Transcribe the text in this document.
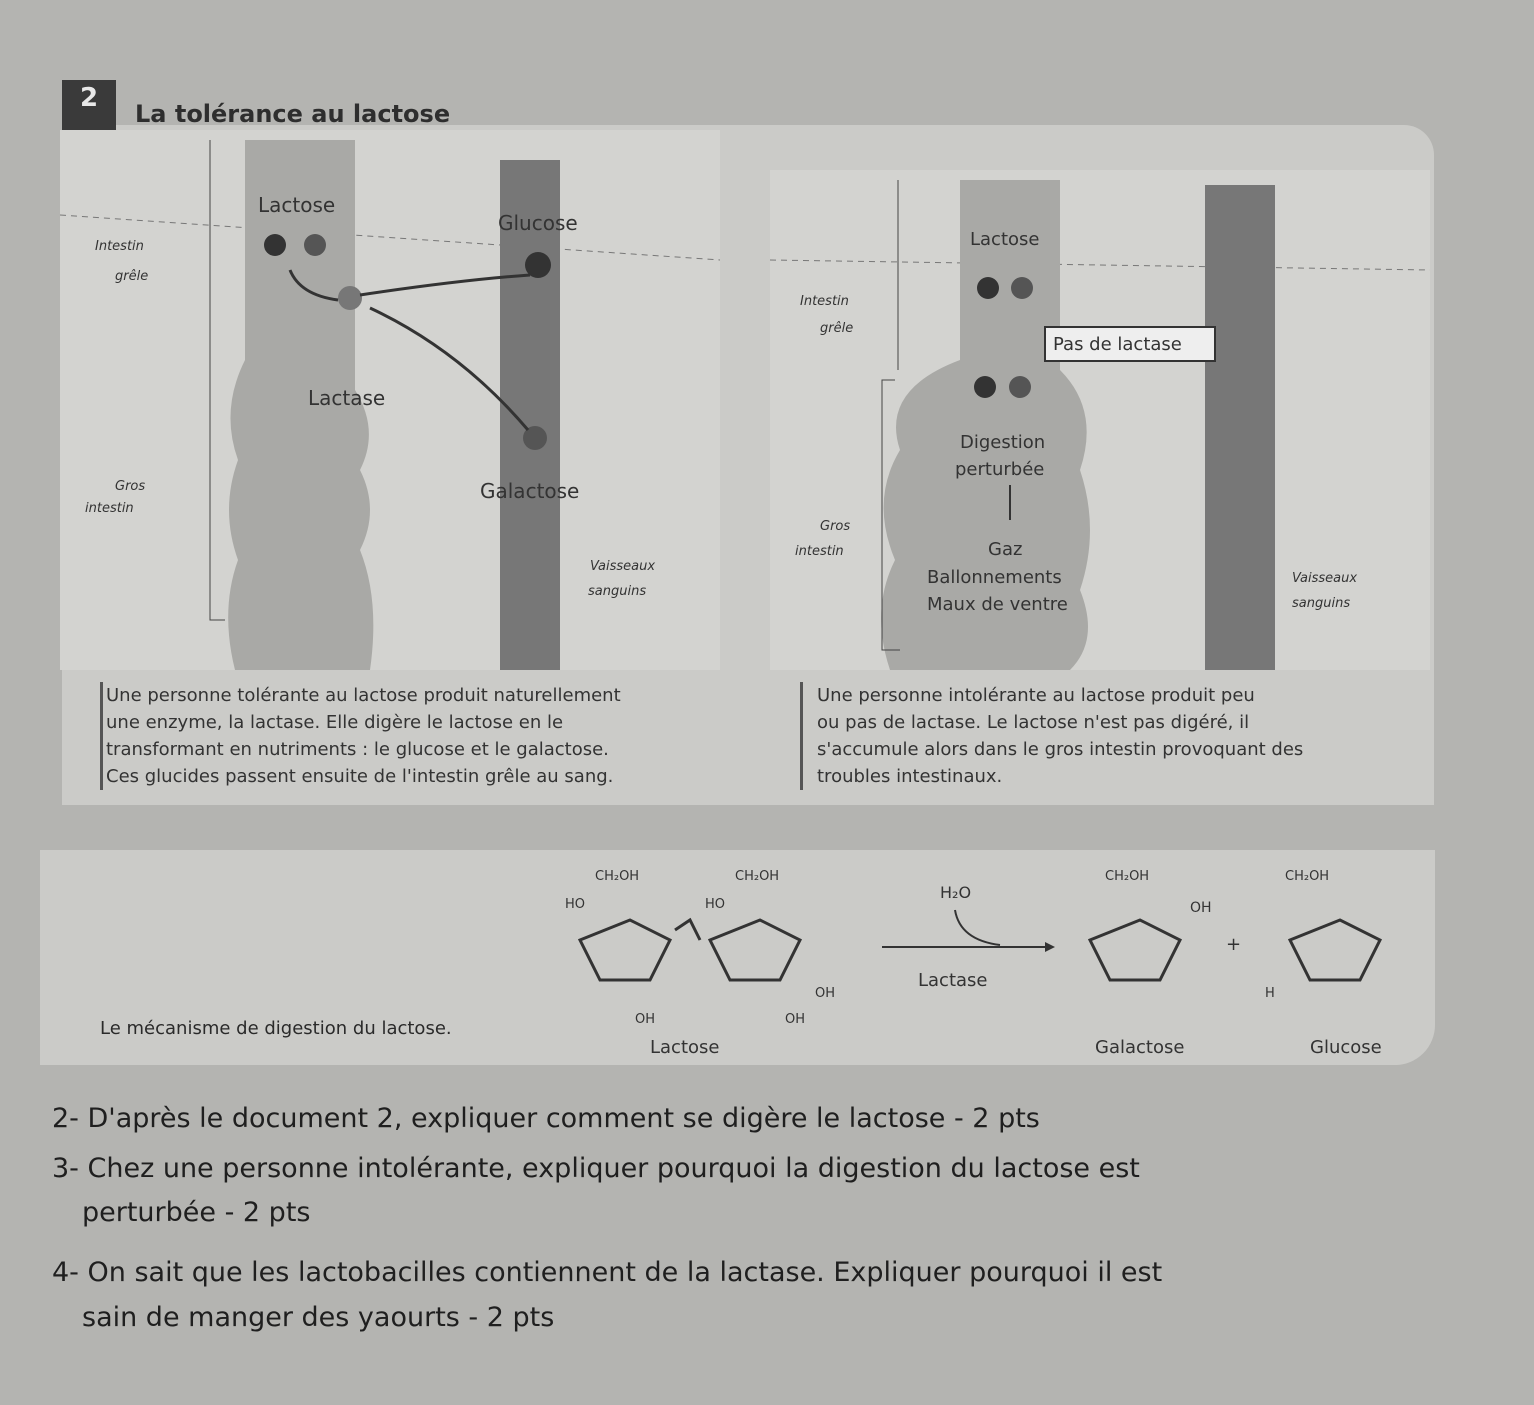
2
La tolérance au lactose
Lactose
Glucose
Lactase
Galactose
Intestin
grêle
Gros
intestin
Vaisseaux
sanguins
Lactose
Pas de lactase
Digestion
perturbée
Gaz
Ballonnements
Maux de ventre
Intestin
grêle
Gros
intestin
Vaisseaux
sanguins
Une personne tolérante au lactose produit naturellement
une enzyme, la lactase. Elle digère le lactose en le
transformant en nutriments : le glucose et le galactose.
Ces glucides passent ensuite de l'intestin grêle au sang.
Une personne intolérante au lactose produit peu
ou pas de lactase. Le lactose n'est pas digéré, il
s'accumule alors dans le gros intestin provoquant des
troubles intestinaux.
Le mécanisme de digestion du lactose.
CH₂OH	CH₂OH
HO	HO
OH
OH	OH
Lactose
H₂O
Lactase
CH₂OH
OH
CH₂OH
H
+
Galactose	Glucose
2- D'après le document 2, expliquer comment se digère le lactose - 2 pts
3- Chez une personne intolérante, expliquer pourquoi la digestion du lactose est
perturbée - 2 pts
4- On sait que les lactobacilles contiennent de la lactase. Expliquer pourquoi il est
sain de manger des yaourts - 2 pts
